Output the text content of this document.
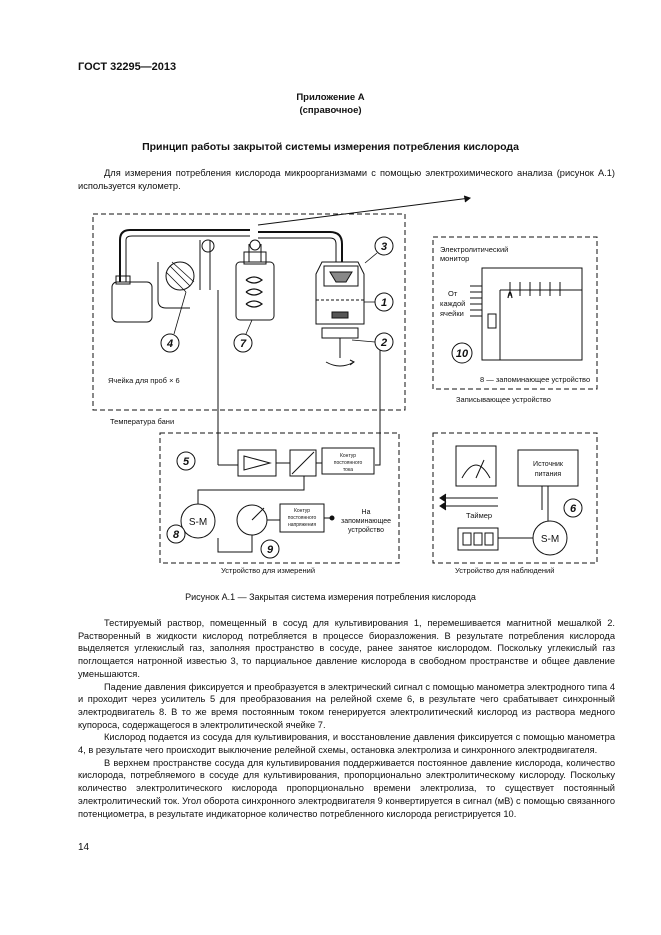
ГОСТ 32295—2013
Приложение А
(справочное)
Принцип работы закрытой системы измерения потребления кислорода

Для измерения потребления кислорода микроорганизмами с помощью электрохимического анализа (рисунок А.1) используется кулометр.

3
1
2
4	7
5
6
8
9
10
Ячейка для проб × 6
Температура бани
Электролитический
монитор
От
каждой
ячейки
8 — запоминающее устройство
Записывающее устройство
Устройство для измерений	Устройство для наблюдений
Таймер
Контур
постоянного
тока
Контур
постоянного
напряжения
На
запоминающее
устройство
Источник
питания
S-M
S-M
Рисунок А.1 — Закрытая система измерения потребления кислорода

Тестируемый раствор, помещенный в сосуд для культивирования 1, перемешивается магнитной мешалкой 2. Растворенный в жидкости кислород потребляется в процессе биоразложения. В результате потребления кислорода выделяется углекислый газ, заполняя пространство в сосуде, ранее занятое кислородом. Поскольку углекислый газ поглощается натронной известью 3, то парциальное давление кислорода в свободном пространстве и общее давление уменьшаются.

Падение давления фиксируется и преобразуется в электрический сигнал с помощью манометра электродного типа 4 и проходит через усилитель 5 для преобразования на релейной схеме 6, в результате чего срабатывает синхронный электродвигатель 8. В то же время постоянным током генерируется электролитический кислород из раствора медного купороса, содержащегося в электролитической ячейке 7.

Кислород подается из сосуда для культивирования, и восстановление давления фиксируется с помощью манометра 4, в результате чего происходит выключение релейной схемы, остановка электролиза и синхронного электродвигателя.

В верхнем пространстве сосуда для культивирования поддерживается постоянное давление кислорода, количество кислорода, потребляемого в сосуде для культивирования, пропорционально электролитическому кислороду. Поскольку количество электролитического кислорода пропорционально времени электролиза, то существует постоянный электролитический ток. Угол оборота синхронного электродвигателя 9 конвертируется в сигнал (мВ) с помощью связанного потенциометра, в результате индикаторное количество потребленного кислорода регистрируется 10.

14
